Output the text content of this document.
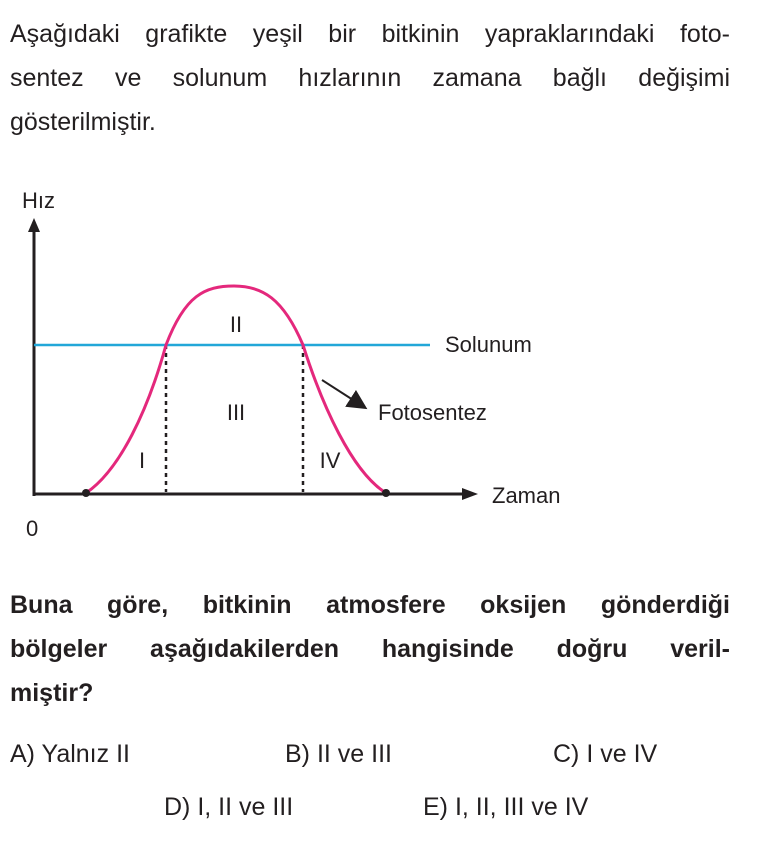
Aşağıdaki grafikte yeşil bir bitkinin yapraklarındaki foto-
sentez ve solunum hızlarının zamana bağlı değişimi
gösterilmiştir.

Hız
Zaman
0
Solunum
Fotosentez
I
II
III
IV

Buna göre, bitkinin atmosfere oksijen gönderdiği
bölgeler aşağıdakilerden hangisinde doğru veril-
miştir?

A) Yalnız II	B) II ve III	C) I ve IV
D) I, II ve III	E) I, II, III ve IV
